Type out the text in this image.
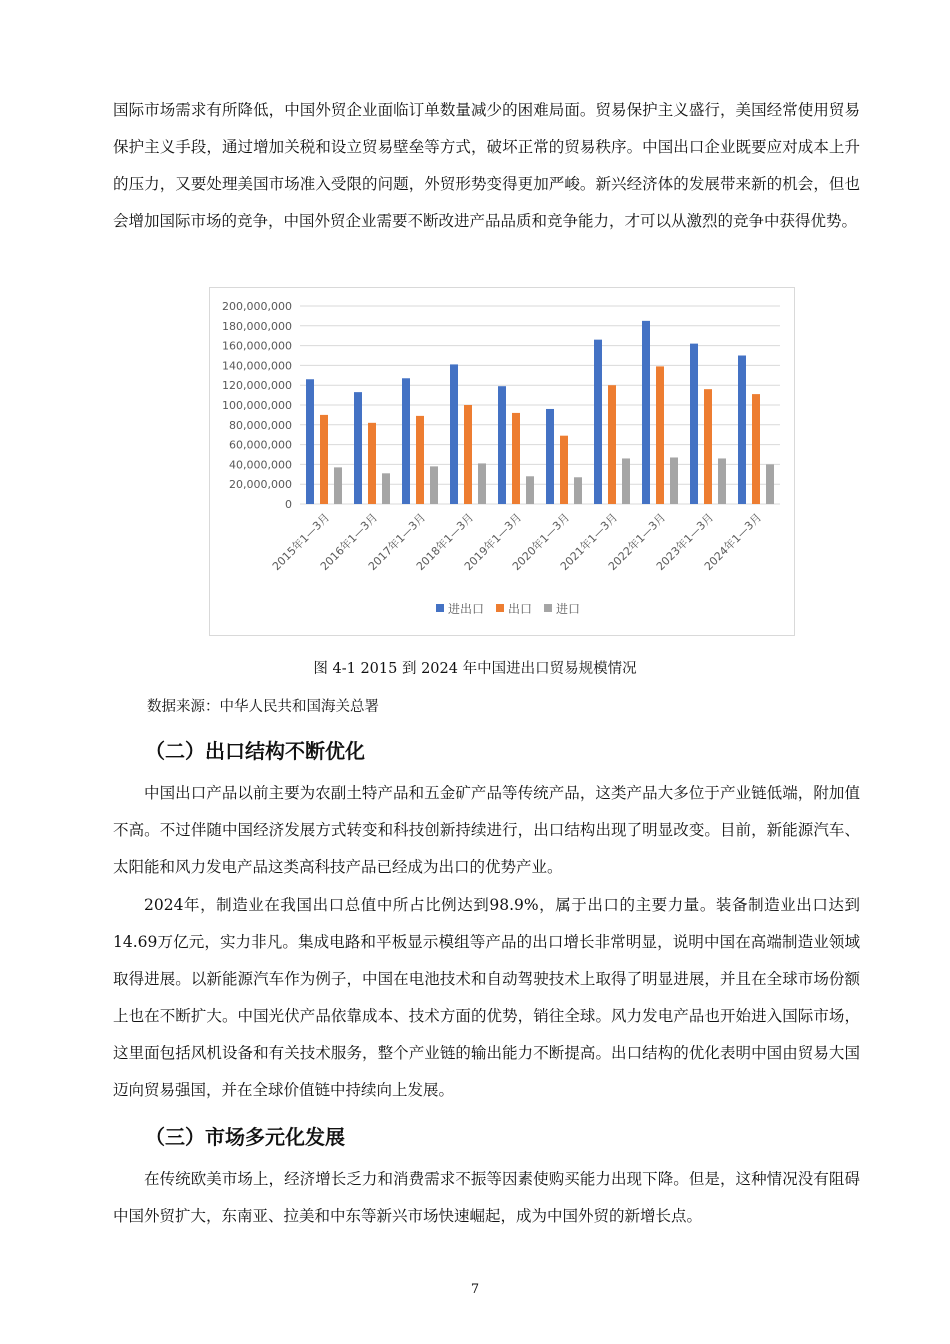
国际市场需求有所降低，中国外贸企业面临订单数量减少的困难局面。贸易保护主义盛行，美国经常使用贸易保护主义手段，通过增加关税和设立贸易壁垒等方式，破坏正常的贸易秩序。中国出口企业既要应对成本上升的压力，又要处理美国市场准入受限的问题，外贸形势变得更加严峻。新兴经济体的发展带来新的机会，但也会增加国际市场的竞争，中国外贸企业需要不断改进产品品质和竞争能力，才可以从激烈的竞争中获得优势。

200,000,000
180,000,000
160,000,000
140,000,000
120,000,000
100,000,000
80,000,000
60,000,000
40,000,000
20,000,000
0
2015年1—3月
2016年1—3月
2017年1—3月
2018年1—3月
2019年1—3月
2020年1—3月
2021年1—3月
2022年1—3月
2023年1—3月
2024年1—3月
进出口 出口 进口

图 4-1 2015 到 2024 年中国进出口贸易规模情况

数据来源：中华人民共和国海关总署

（二）出口结构不断优化

中国出口产品以前主要为农副土特产品和五金矿产品等传统产品，这类产品大多位于产业链低端，附加值不高。不过伴随中国经济发展方式转变和科技创新持续进行，出口结构出现了明显改变。目前，新能源汽车、太阳能和风力发电产品这类高科技产品已经成为出口的优势产业。

2024年，制造业在我国出口总值中所占比例达到98.9%，属于出口的主要力量。装备制造业出口达到14.69万亿元，实力非凡。集成电路和平板显示模组等产品的出口增长非常明显，说明中国在高端制造业领域取得进展。以新能源汽车作为例子，中国在电池技术和自动驾驶技术上取得了明显进展，并且在全球市场份额上也在不断扩大。中国光伏产品依靠成本、技术方面的优势，销往全球。风力发电产品也开始进入国际市场，这里面包括风机设备和有关技术服务，整个产业链的输出能力不断提高。出口结构的优化表明中国由贸易大国迈向贸易强国，并在全球价值链中持续向上发展。

（三）市场多元化发展

在传统欧美市场上，经济增长乏力和消费需求不振等因素使购买能力出现下降。但是，这种情况没有阻碍中国外贸扩大，东南亚、拉美和中东等新兴市场快速崛起，成为中国外贸的新增长点。

7
